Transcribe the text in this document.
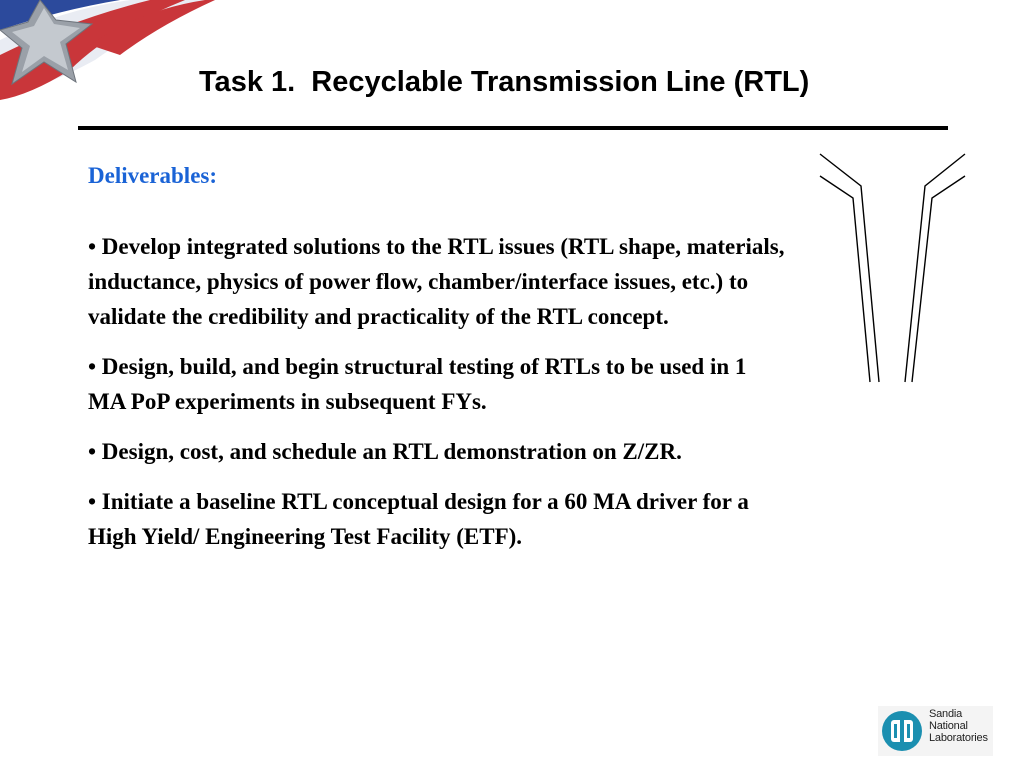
Task 1.  Recyclable Transmission Line (RTL)
Deliverables:
• Develop integrated solutions to the RTL issues (RTL shape, materials, inductance, physics of power flow, chamber/interface issues, etc.) to validate the credibility and practicality of the RTL concept.
• Design, build, and begin structural testing of RTLs to be used in 1 MA PoP experiments in subsequent FYs.
• Design, cost, and schedule an RTL demonstration on Z/ZR.
• Initiate a baseline RTL conceptual design for a 60 MA driver for a High Yield/ Engineering Test Facility (ETF).
Sandia
National
Laboratories
